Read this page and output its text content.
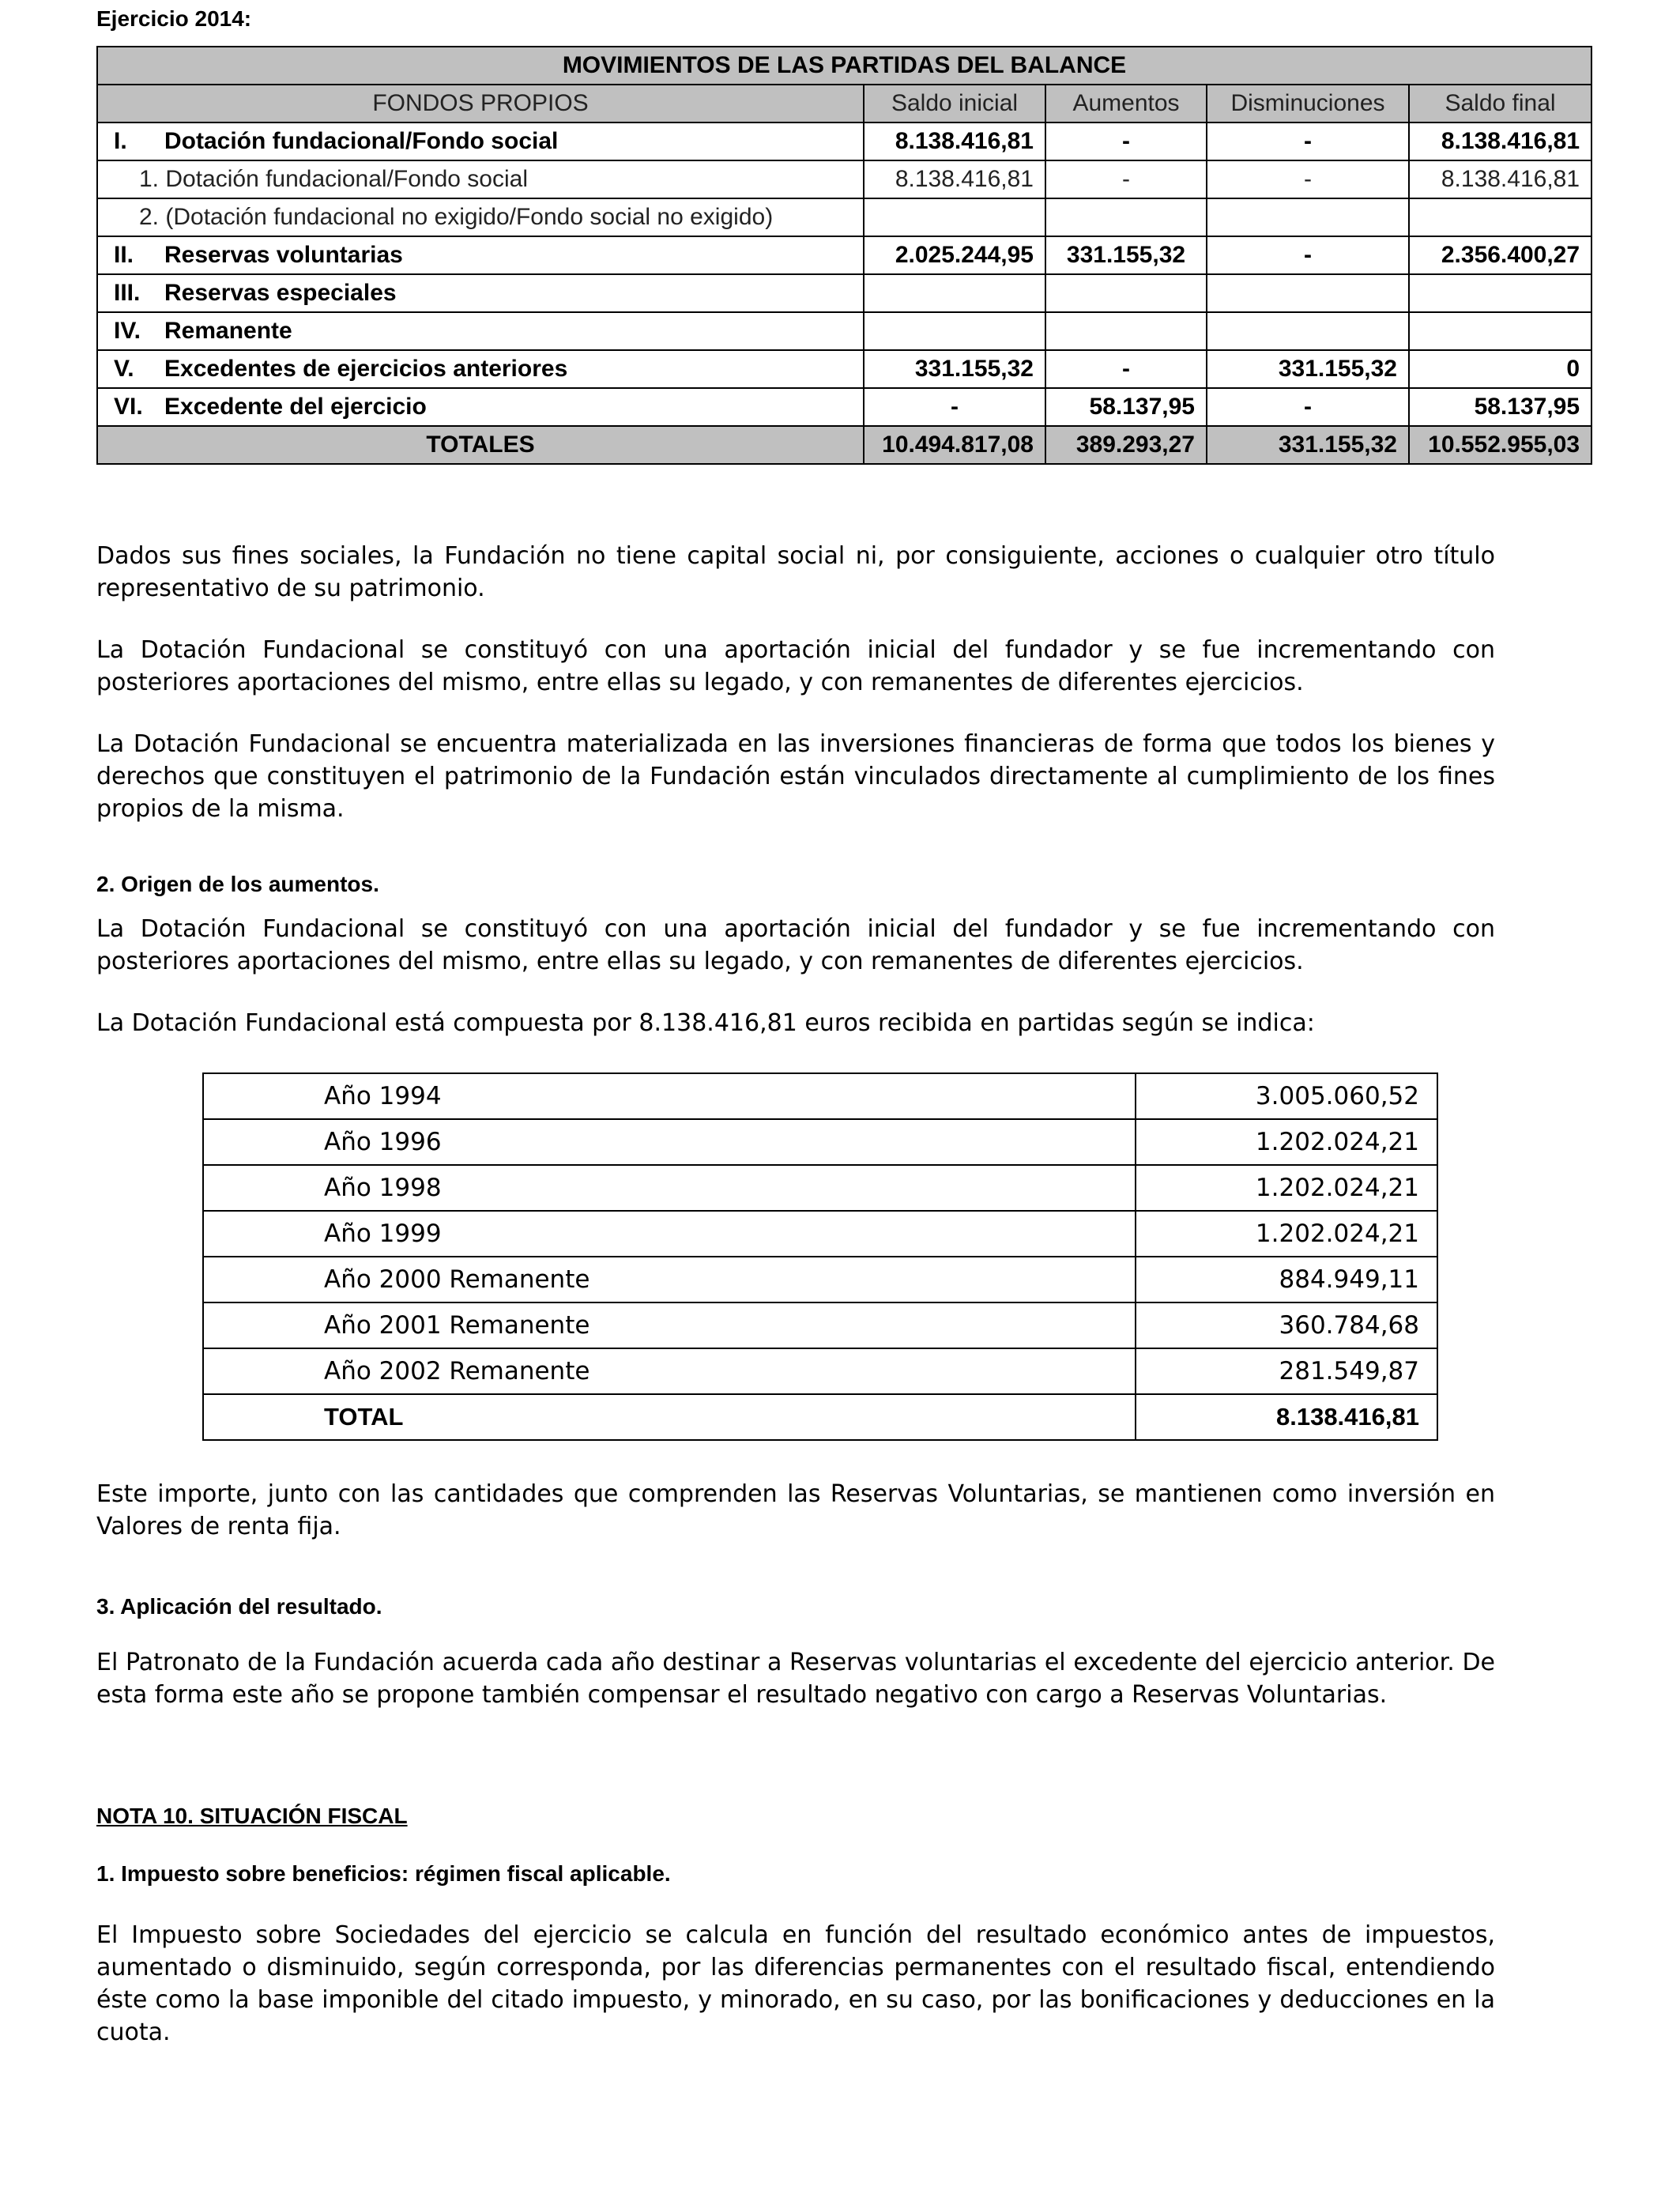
Ejercicio 2014:
MOVIMIENTOS DE LAS PARTIDAS DEL BALANCE				
FONDOS PROPIOS	Saldo inicial	Aumentos	Disminuciones	Saldo final
I. Dotación fundacional/Fondo social	8.138.416,81	-	-	8.138.416,81
1. Dotación fundacional/Fondo social	8.138.416,81	-	-	8.138.416,81
2. (Dotación fundacional no exigido/Fondo social no exigido)				
II. Reservas voluntarias	2.025.244,95	331.155,32	-	2.356.400,27
III. Reservas especiales				
IV. Remanente				
V. Excedentes de ejercicios anteriores	331.155,32	-	331.155,32	0
VI. Excedente del ejercicio	-	58.137,95	-	58.137,95
TOTALES	10.494.817,08	389.293,27	331.155,32	10.552.955,03
Dados sus fines sociales, la Fundación no tiene capital social ni, por consiguiente, acciones o cualquier otro título representativo de su patrimonio.
La Dotación Fundacional se constituyó con una aportación inicial del fundador y se fue incrementando con posteriores aportaciones del mismo, entre ellas su legado, y con remanentes de diferentes ejercicios.
La Dotación Fundacional se encuentra materializada en las inversiones financieras de forma que todos los bienes y derechos que constituyen el patrimonio de la Fundación están vinculados directamente al cumplimiento de los fines propios de la misma.
2. Origen de los aumentos.
La Dotación Fundacional se constituyó con una aportación inicial del fundador y se fue incrementando con posteriores aportaciones del mismo, entre ellas su legado, y con remanentes de diferentes ejercicios.
La Dotación Fundacional está compuesta por 8.138.416,81 euros recibida en partidas según se indica:
Año 1994	3.005.060,52
Año 1996	1.202.024,21
Año 1998	1.202.024,21
Año 1999	1.202.024,21
Año 2000 Remanente	884.949,11
Año 2001 Remanente	360.784,68
Año 2002 Remanente	281.549,87
TOTAL	8.138.416,81
Este importe, junto con las cantidades que comprenden las Reservas Voluntarias, se mantienen como inversión en Valores de renta fija.
3. Aplicación del resultado.
El Patronato de la Fundación acuerda cada año destinar a Reservas voluntarias el excedente del ejercicio anterior. De esta forma este año se propone también compensar el resultado negativo con cargo a Reservas Voluntarias.
NOTA 10. SITUACIÓN FISCAL
1. Impuesto sobre beneficios: régimen fiscal aplicable.
El Impuesto sobre Sociedades del ejercicio se calcula en función del resultado económico antes de impuestos, aumentado o disminuido, según corresponda, por las diferencias permanentes con el resultado fiscal, entendiendo éste como la base imponible del citado impuesto, y minorado, en su caso, por las bonificaciones y deducciones en la cuota.
